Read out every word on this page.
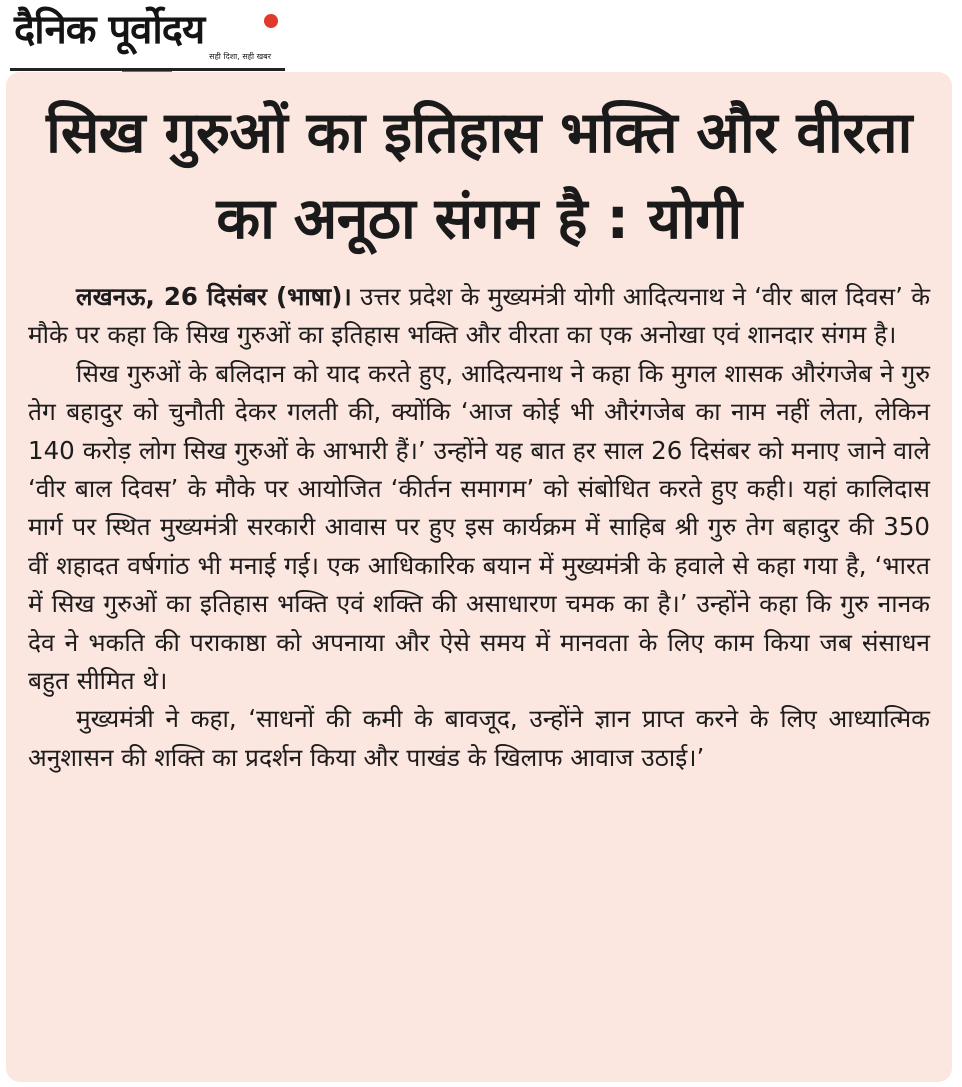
दैनिक पूर्वोदय
सही दिशा, सही खबर
सिख गुरुओं का इतिहास भक्ति और वीरता का अनूठा संगम है : योगी

लखनऊ, 26 दिसंबर (भाषा)। उत्तर प्रदेश के मुख्यमंत्री योगी आदित्यनाथ ने ‘वीर बाल दिवस’ के मौके पर कहा कि सिख गुरुओं का इतिहास भक्ति और वीरता का एक अनोखा एवं शानदार संगम है।

सिख गुरुओं के बलिदान को याद करते हुए, आदित्यनाथ ने कहा कि मुगल शासक औरंगजेब ने गुरु तेग बहादुर को चुनौती देकर गलती की, क्योंकि ‘आज कोई भी औरंगजेब का नाम नहीं लेता, लेकिन 140 करोड़ लोग सिख गुरुओं के आभारी हैं।’ उन्होंने यह बात हर साल 26 दिसंबर को मनाए जाने वाले ‘वीर बाल दिवस’ के मौके पर आयोजित ‘कीर्तन समागम’ को संबोधित करते हुए कही। यहां कालिदास मार्ग पर स्थित मुख्यमंत्री सरकारी आवास पर हुए इस कार्यक्रम में साहिब श्री गुरु तेग बहादुर की 350 वीं शहादत वर्षगांठ भी मनाई गई। एक आधिकारिक बयान में मुख्यमंत्री के हवाले से कहा गया है, ‘भारत में सिख गुरुओं का इतिहास भक्ति एवं शक्ति की असाधारण चमक का है।’ उन्होंने कहा कि गुरु नानक देव ने भकति की पराकाष्ठा को अपनाया और ऐसे समय में मानवता के लिए काम किया जब संसाधन बहुत सीमित थे।

मुख्यमंत्री ने कहा, ‘साधनों की कमी के बावजूद, उन्होंने ज्ञान प्राप्त करने के लिए आध्यात्मिक अनुशासन की शक्ति का प्रदर्शन किया और पाखंड के खिलाफ आवाज उठाई।’
